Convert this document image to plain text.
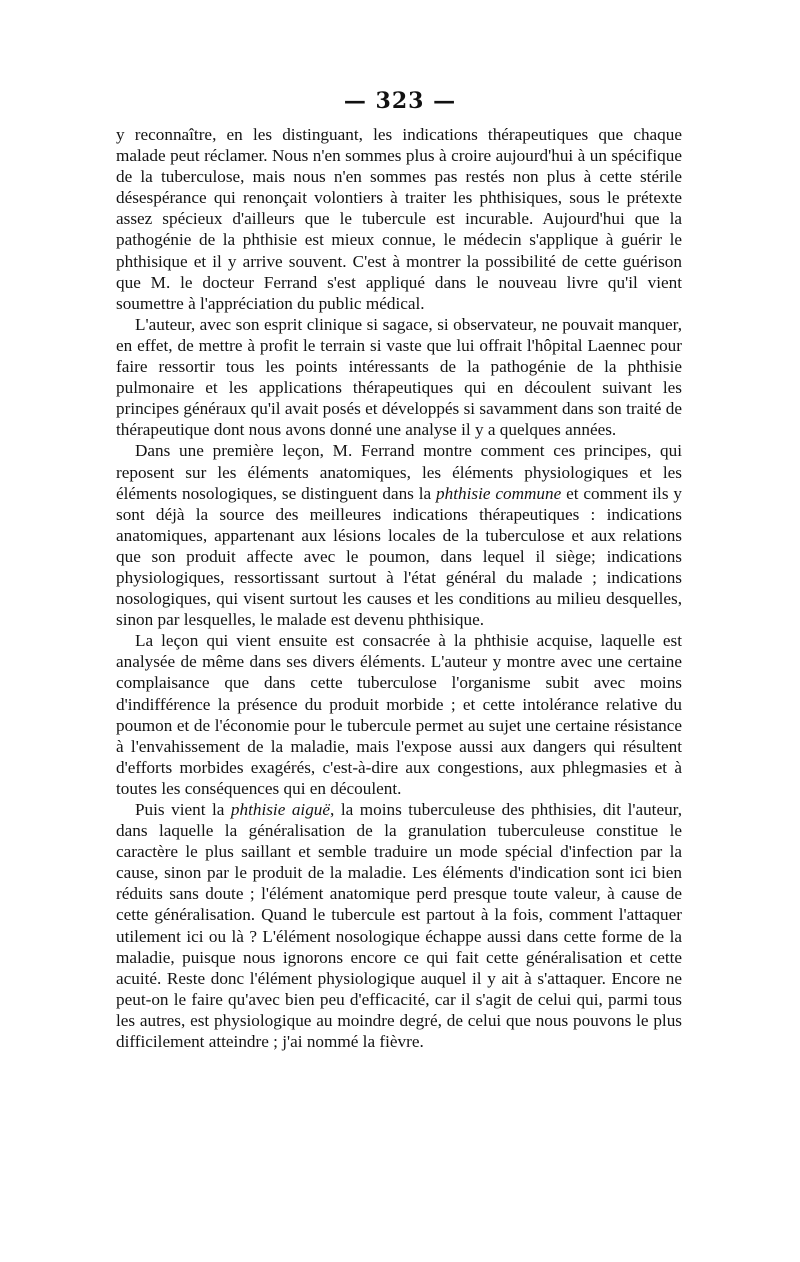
— 323 —

y reconnaître, en les distinguant, les indications thérapeutiques que chaque malade peut réclamer. Nous n'en sommes plus à croire aujourd'hui à un spécifique de la tuberculose, mais nous n'en sommes pas restés non plus à cette stérile désespérance qui renonçait volontiers à traiter les phthisiques, sous le prétexte assez spécieux d'ailleurs que le tubercule est incurable. Aujourd'hui que la pathogénie de la phthisie est mieux connue, le médecin s'applique à guérir le phthisique et il y arrive souvent. C'est à montrer la possibilité de cette guérison que M. le docteur Ferrand s'est appliqué dans le nouveau livre qu'il vient soumettre à l'appréciation du public médical.

L'auteur, avec son esprit clinique si sagace, si observateur, ne pouvait manquer, en effet, de mettre à profit le terrain si vaste que lui offrait l'hôpital Laennec pour faire ressortir tous les points intéressants de la pathogénie de la phthisie pulmonaire et les applications thérapeutiques qui en découlent suivant les principes généraux qu'il avait posés et développés si savamment dans son traité de thérapeutique dont nous avons donné une analyse il y a quelques années.

Dans une première leçon, M. Ferrand montre comment ces principes, qui reposent sur les éléments anatomiques, les éléments physiologiques et les éléments nosologiques, se distinguent dans la phthisie commune et comment ils y sont déjà la source des meilleures indications thérapeutiques : indications anatomiques, appartenant aux lésions locales de la tuberculose et aux relations que son produit affecte avec le poumon, dans lequel il siège; indications physiologiques, ressortissant surtout à l'état général du malade ; indications nosologiques, qui visent surtout les causes et les conditions au milieu desquelles, sinon par lesquelles, le malade est devenu phthisique.

La leçon qui vient ensuite est consacrée à la phthisie acquise, laquelle est analysée de même dans ses divers éléments. L'auteur y montre avec une certaine complaisance que dans cette tuberculose l'organisme subit avec moins d'indifférence la présence du produit morbide ; et cette intolérance relative du poumon et de l'économie pour le tubercule permet au sujet une certaine résistance à l'envahissement de la maladie, mais l'expose aussi aux dangers qui résultent d'efforts morbides exagérés, c'est-à-dire aux congestions, aux phlegmasies et à toutes les conséquences qui en découlent.

Puis vient la phthisie aiguë, la moins tuberculeuse des phthisies, dit l'auteur, dans laquelle la généralisation de la granulation tuberculeuse constitue le caractère le plus saillant et semble traduire un mode spécial d'infection par la cause, sinon par le produit de la maladie. Les éléments d'indication sont ici bien réduits sans doute ; l'élément anatomique perd presque toute valeur, à cause de cette généralisation. Quand le tubercule est partout à la fois, comment l'attaquer utilement ici ou là ? L'élément nosologique échappe aussi dans cette forme de la maladie, puisque nous ignorons encore ce qui fait cette généralisation et cette acuité. Reste donc l'élément physiologique auquel il y ait à s'attaquer. Encore ne peut-on le faire qu'avec bien peu d'efficacité, car il s'agit de celui qui, parmi tous les autres, est physiologique au moindre degré, de celui que nous pouvons le plus difficilement atteindre ; j'ai nommé la fièvre.
